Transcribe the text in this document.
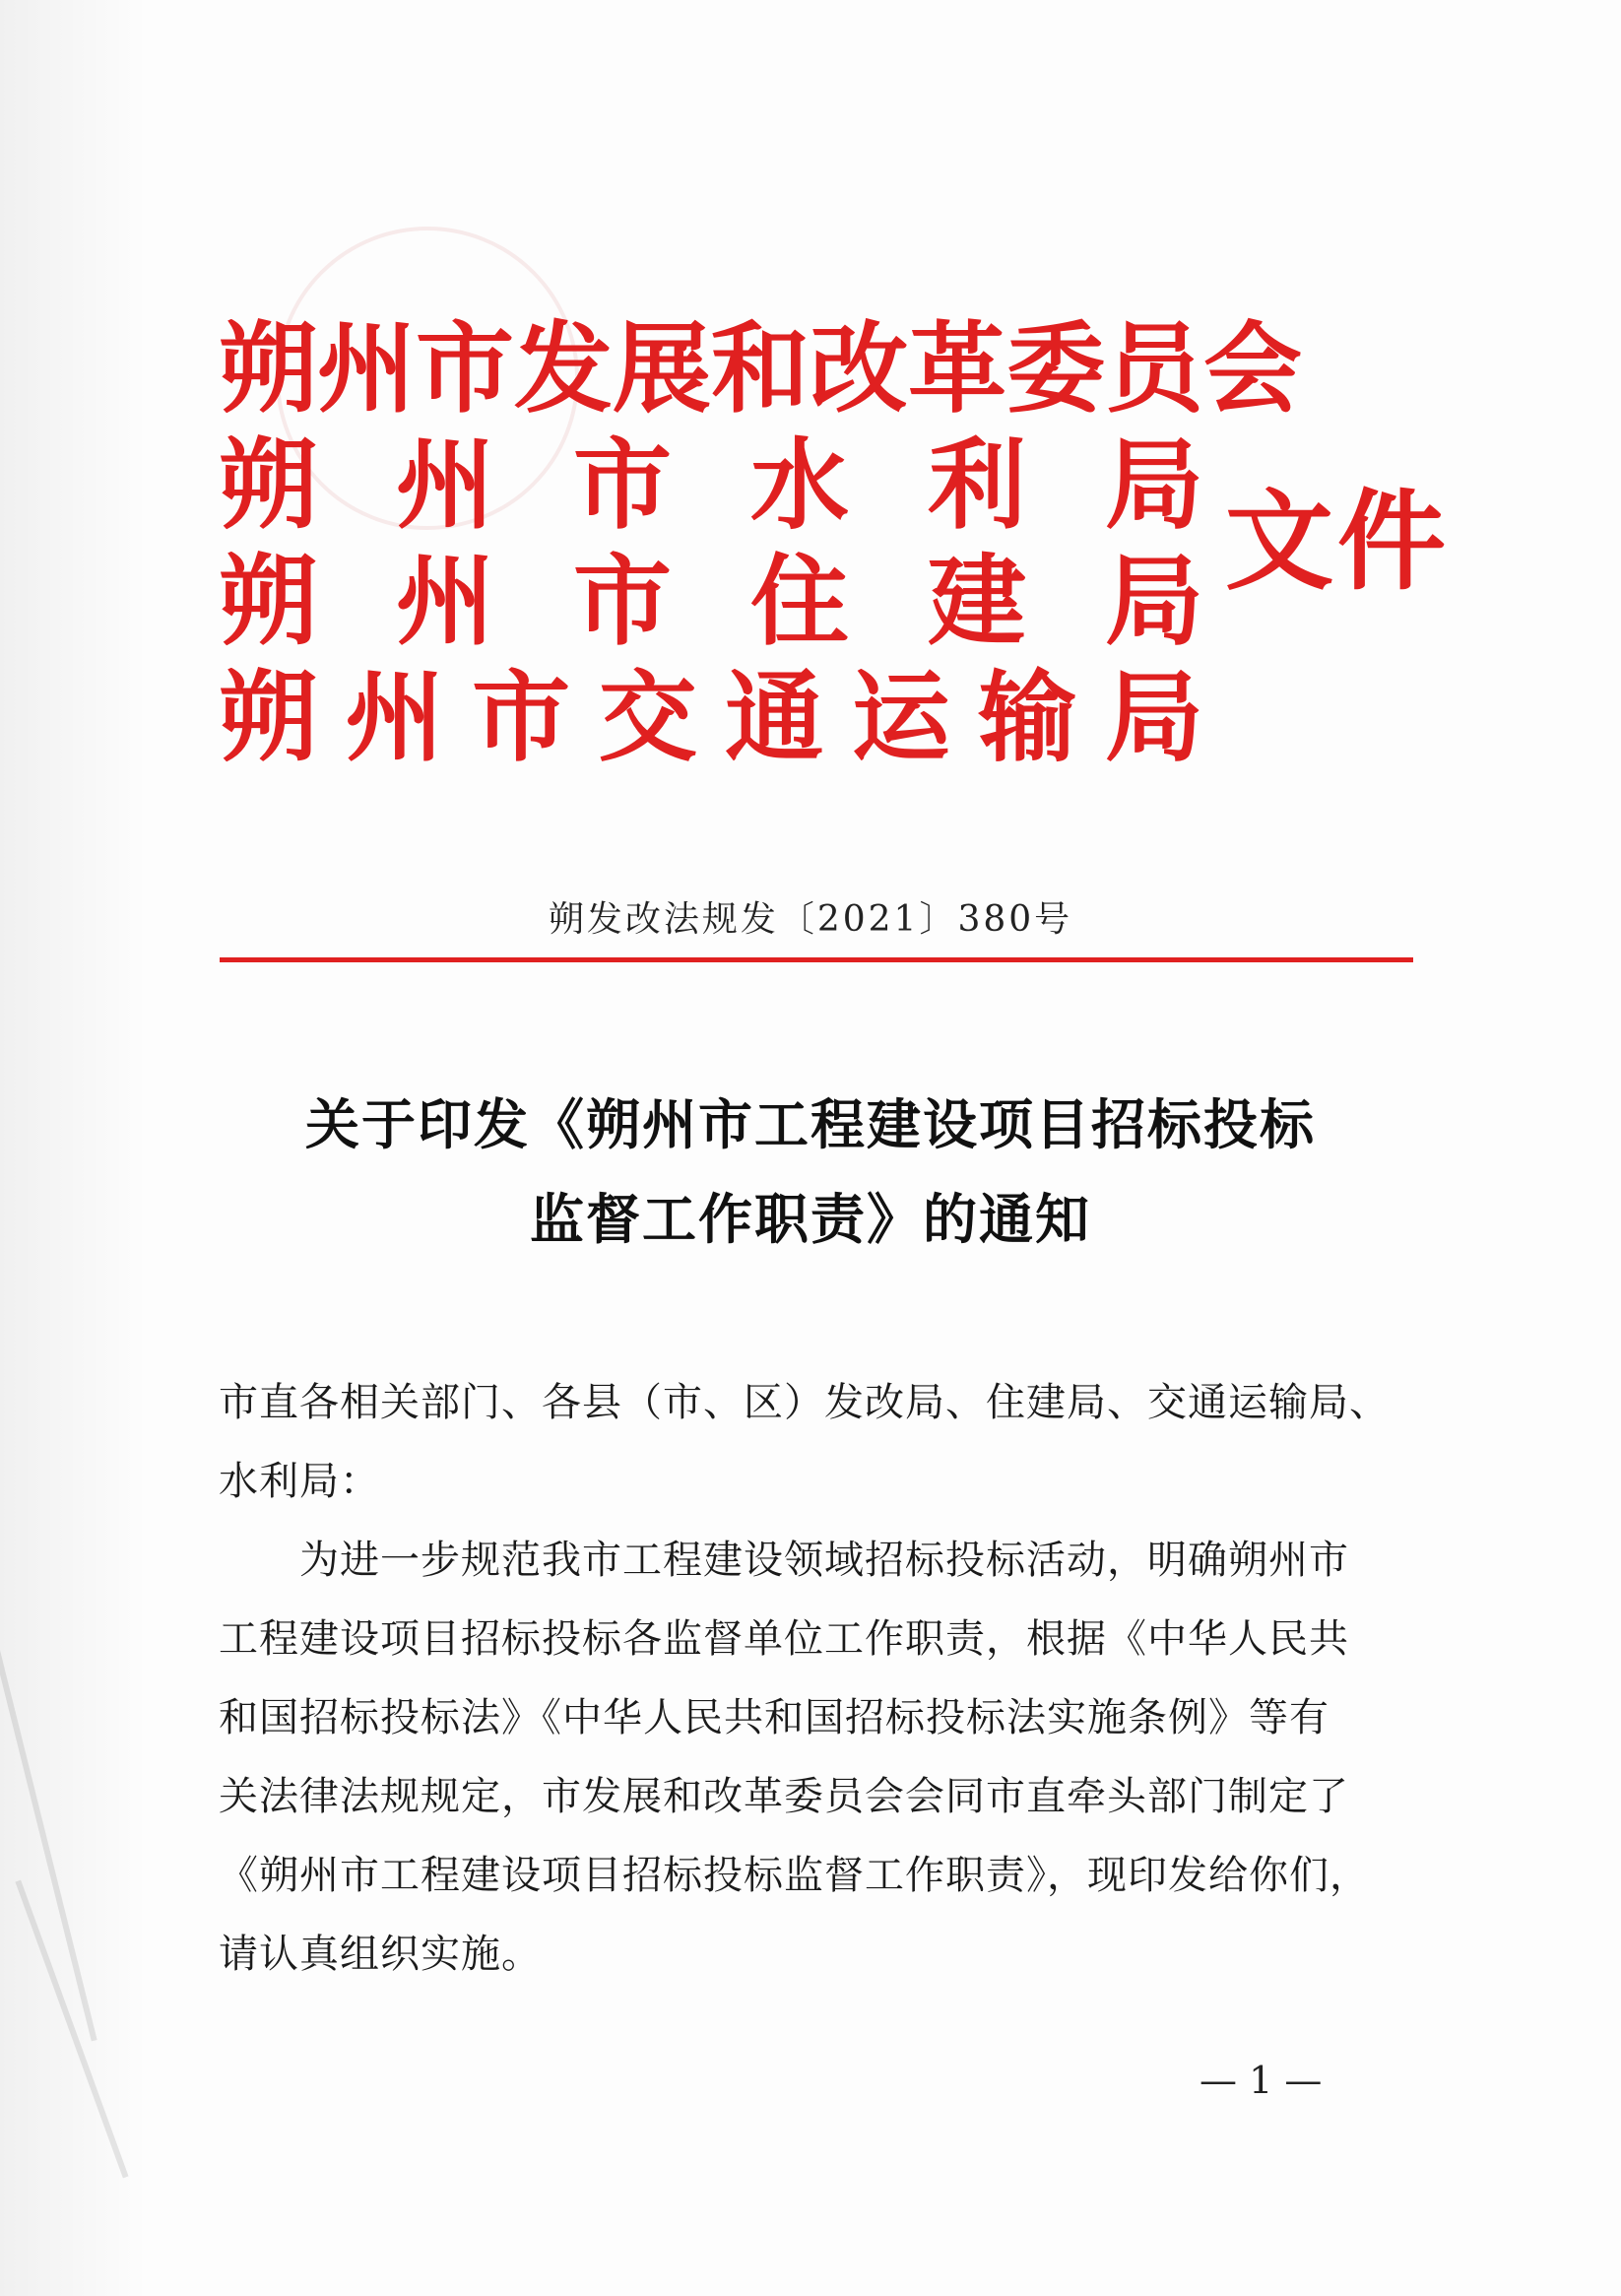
朔州市发展和改革委员会
朔 州 市 水 利 局
朔 州 市 住 建 局
朔 州 市 交 通 运 输 局
文件
朔发改法规发〔2021〕380号
关于印发《朔州市工程建设项目招标投标
监督工作职责》的通知
市直各相关部门、各县（市、区）发改局、住建局、交通运输局、
水利局：
　　为进一步规范我市工程建设领域招标投标活动，明确朔州市
工程建设项目招标投标各监督单位工作职责，根据《中华人民共
和国招标投标法》《中华人民共和国招标投标法实施条例》等有
关法律法规规定，市发展和改革委员会会同市直牵头部门制定了
《朔州市工程建设项目招标投标监督工作职责》，现印发给你们，
请认真组织实施。
— 1 —
